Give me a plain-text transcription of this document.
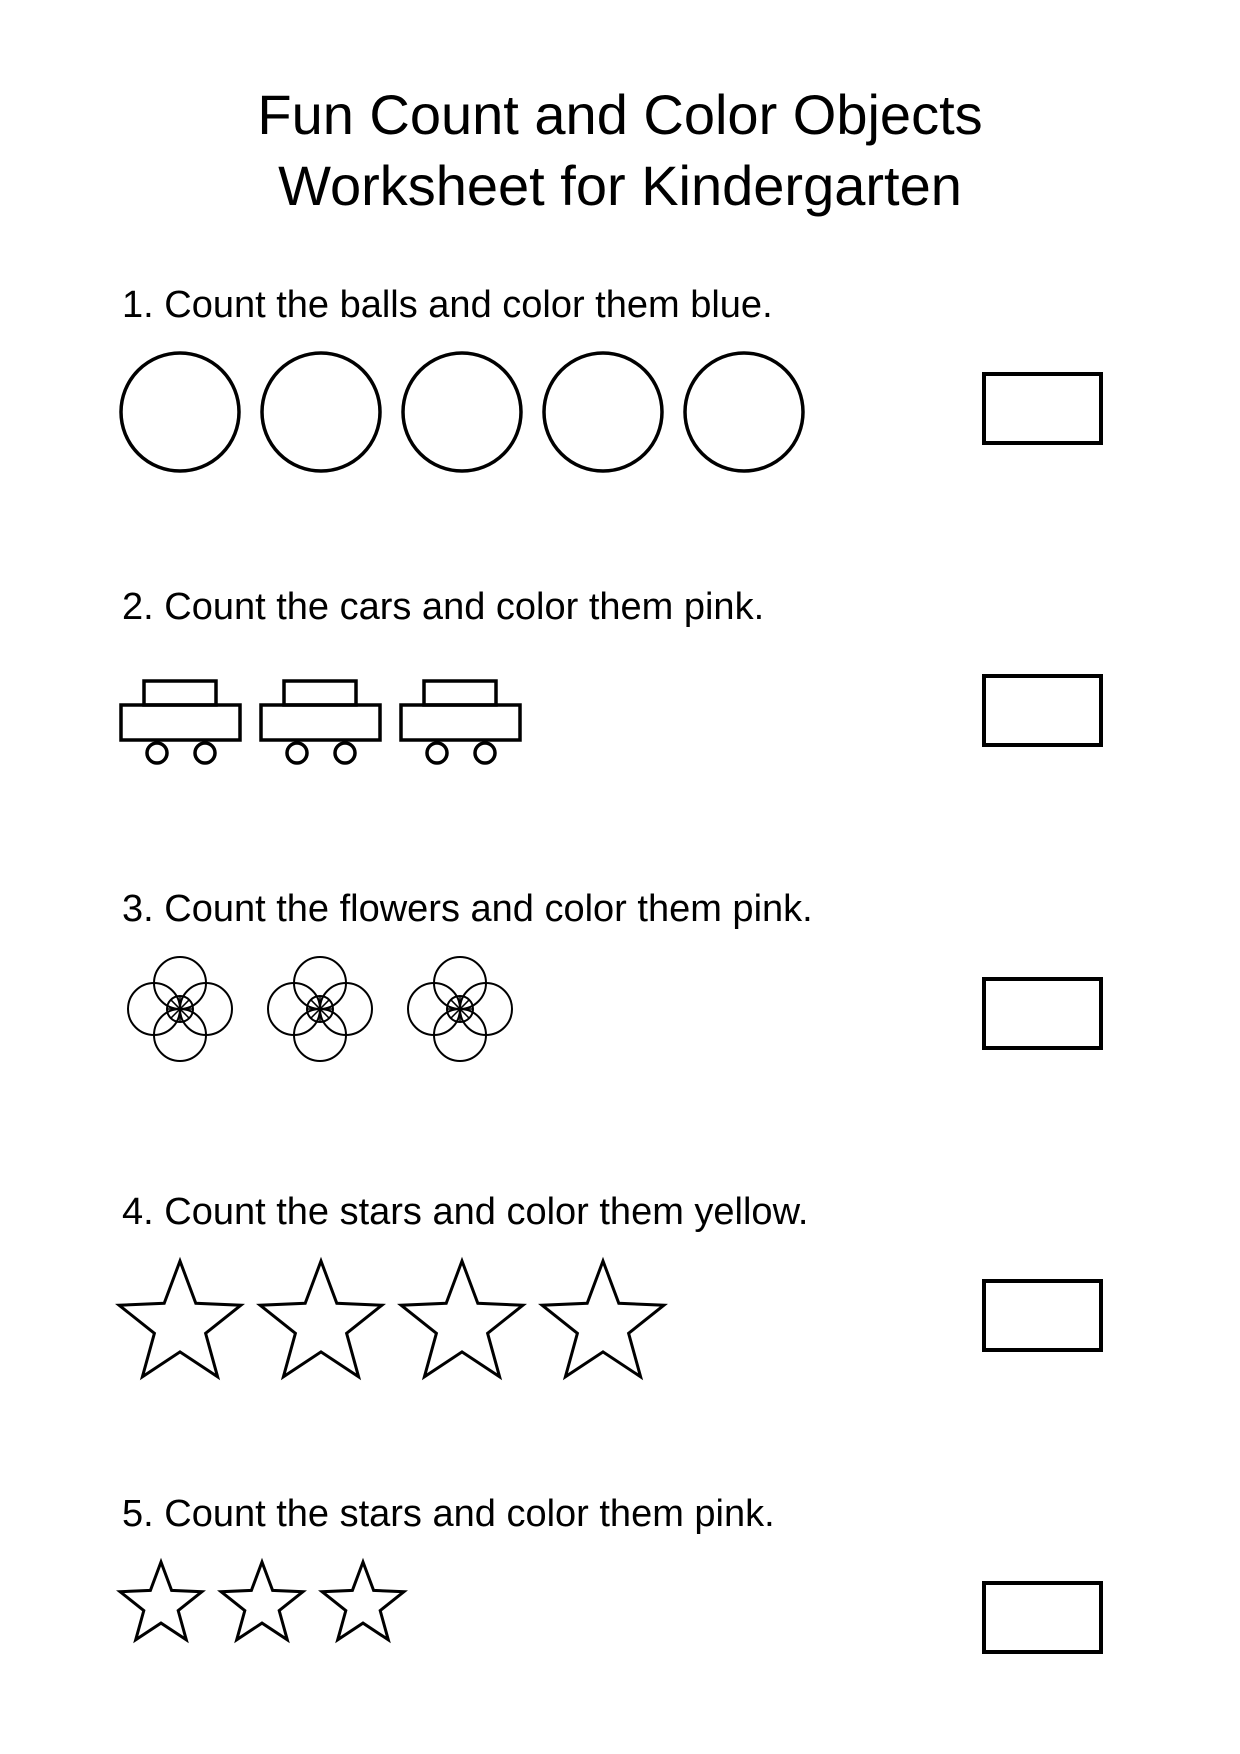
Fun Count and Color Objects
Worksheet for Kindergarten
1. Count the balls and color them blue.
2. Count the cars and color them pink.
3. Count the flowers and color them pink.
4. Count the stars and color them yellow.
5. Count the stars and color them pink.
